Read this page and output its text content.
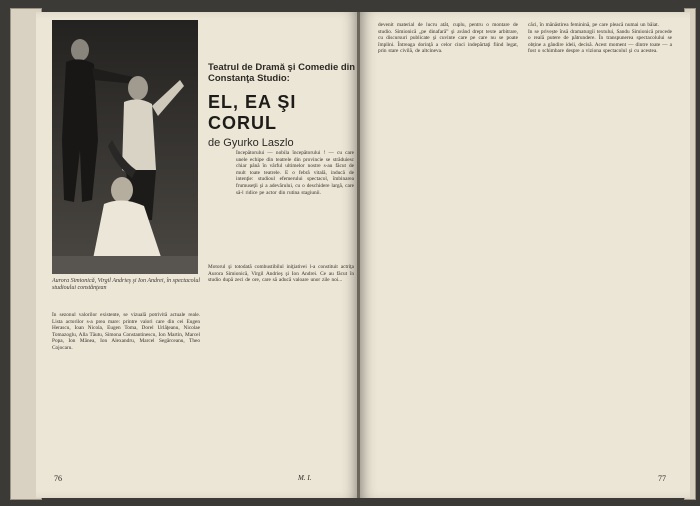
Aurora Simionică, Virgil Andrieş şi Ion Andrei, în spectacolul studioului constănţean
Teatrul de Dramă şi Comedie din Constanţa Studio:
EL, EA ŞI CORUL
de Gyurko Laszlo
Începătorului — nobila începătorului ! — cu care unele echipe din teatrele din provincie se străduiesc chiar până în vârful ultimelor nostre s-au făcut de mult toate teatrele. E o febră vitală, inducă de intenţie: studioul efemerului spectacol, îmbinarea frumuseţii şi a adevărului, cu o deschidere largă, care să-l ridice pe actor din rutina stagiunii.
Motorul şi totodată combustibilul iniţiativei l-a constituit actriţa Aurora Simionică, Virgil Andrieş şi Ion Andrei. Ce au făcut în studio după zeci de ore, care să aducă valoare unor zile noi...
În sezonul valorilor existente, se vizuală potrivită actuale reale. Lista actorilor s-a prea mare: printre valori care din cei Eugen Herascu, Ioan Nicola, Eugen Toma, Dorel Urlăţeanu, Nicolae Tomazoglu, Alla Tăutu, Simona Constantinescu, Ion Martin, Marcel Popa, Ion Mânea, Ion Alexandru, Marcel Segărceanu, Theo Cojocaru.
76	M. I.
devenit material de lucru atât, cuplu, pentru o montare de studio. Simionică „pe dinafară” şi având drept texte arbitrare, cu discursuri publicate şi cuvinte care pe care nu se poate împlini. Întreaga dorinţă a celor cinci indepărtaţi fiind legat, prin stare civilă, de altcineva.
căci, în mănăstirea feminină, pe care pleacă numai un băiat.
In se privește însă dramaturgii textului, Sandu Simionică procede o reală putere de pătrundere. În transpunerea spectacolului se obține a gândire ideii, decisă. Acest moment — dintre toate — a fost o schimbare despre a viziona spectacolul şi cu acestea.
77
